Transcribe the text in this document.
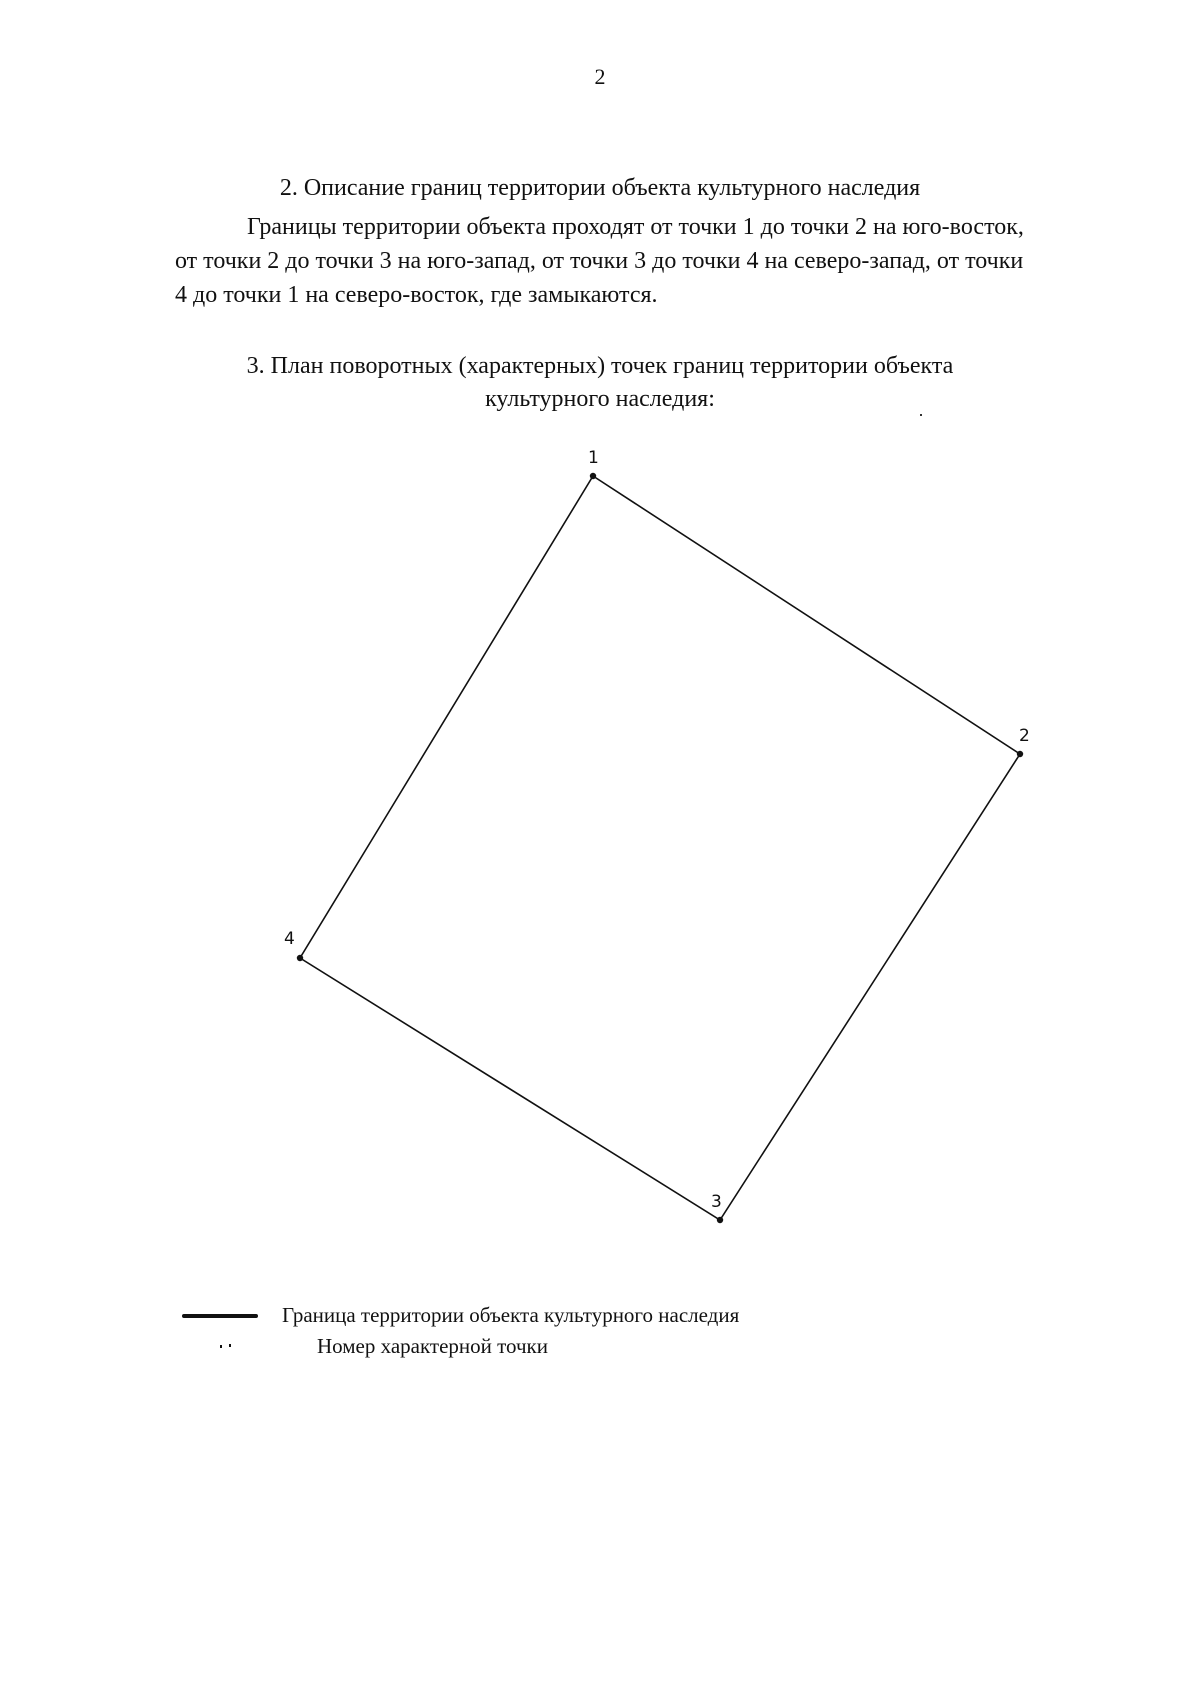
2
2. Описание границ территории объекта культурного наследия
Границы территории объекта проходят от точки 1 до точки 2 на юго-восток,
от точки 2 до точки 3 на юго-запад, от точки 3 до точки 4 на северо-запад, от точки
4 до точки 1 на северо-восток, где замыкаются.
3. План поворотных (характерных) точек границ территории объекта
культурного наследия:
1
2
3
4
Граница территории объекта культурного наследия
Номер характерной точки
